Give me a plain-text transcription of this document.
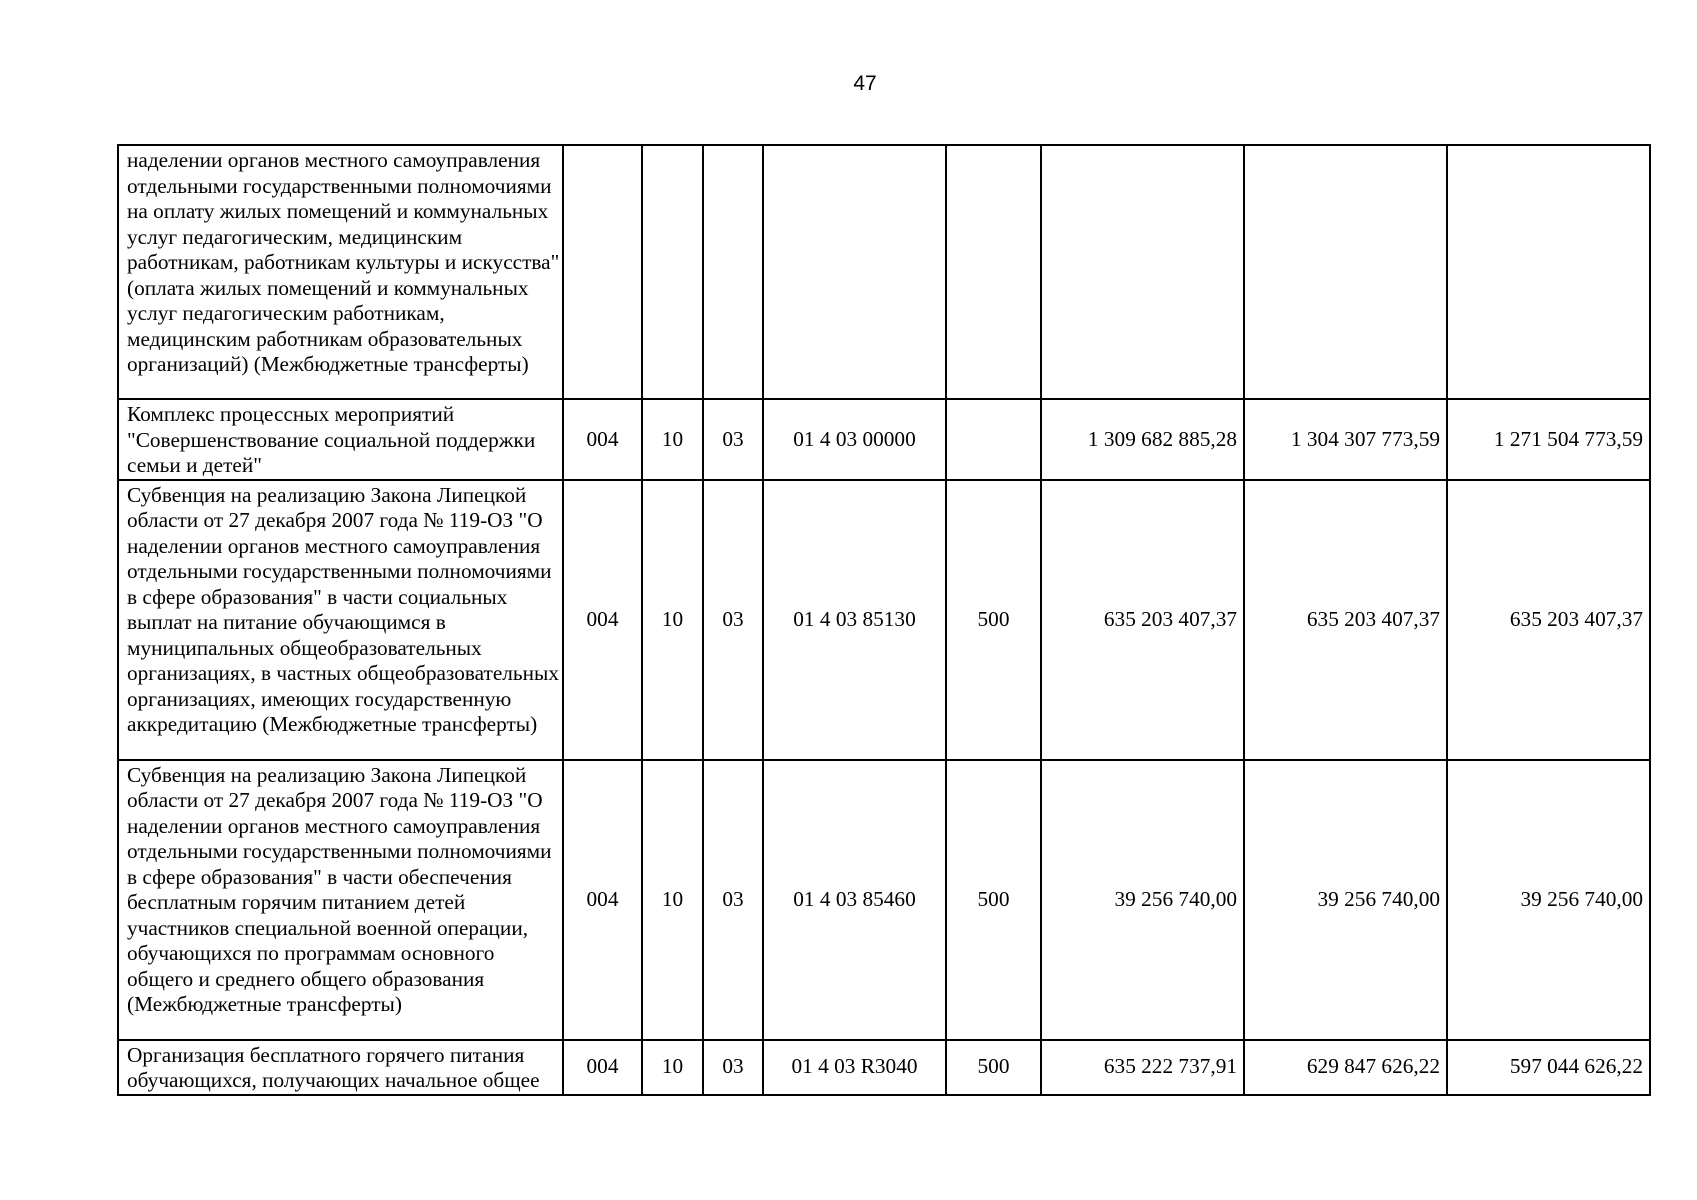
47
наделении органов местного самоуправления отдельными государственными полномочиями на оплату жилых помещений и коммунальных услуг педагогическим, медицинским работникам, работникам культуры и искусства" (оплата жилых помещений и коммунальных услуг педагогическим работникам, медицинским работникам образовательных организаций) (Межбюджетные трансферты)								
Комплекс процессных мероприятий "Совершенствование социальной поддержки семьи и детей"	004	10	03	01 4 03 00000		1 309 682 885,28	1 304 307 773,59	1 271 504 773,59
Субвенция на реализацию Закона Липецкой области от 27 декабря 2007 года № 119-ОЗ "О наделении органов местного самоуправления отдельными государственными полномочиями в сфере образования" в части социальных выплат на питание обучающимся в муниципальных общеобразовательных организациях, в частных общеобразовательных организациях, имеющих государственную аккредитацию (Межбюджетные трансферты)	004	10	03	01 4 03 85130	500	635 203 407,37	635 203 407,37	635 203 407,37
Субвенция на реализацию Закона Липецкой области от 27 декабря 2007 года № 119-ОЗ "О наделении органов местного самоуправления отдельными государственными полномочиями в сфере образования" в части обеспечения бесплатным горячим питанием детей участников специальной военной операции, обучающихся по программам основного общего и среднего общего образования (Межбюджетные трансферты)	004	10	03	01 4 03 85460	500	39 256 740,00	39 256 740,00	39 256 740,00
Организация бесплатного горячего питания обучающихся, получающих начальное общее	004	10	03	01 4 03 R3040	500	635 222 737,91	629 847 626,22	597 044 626,22
